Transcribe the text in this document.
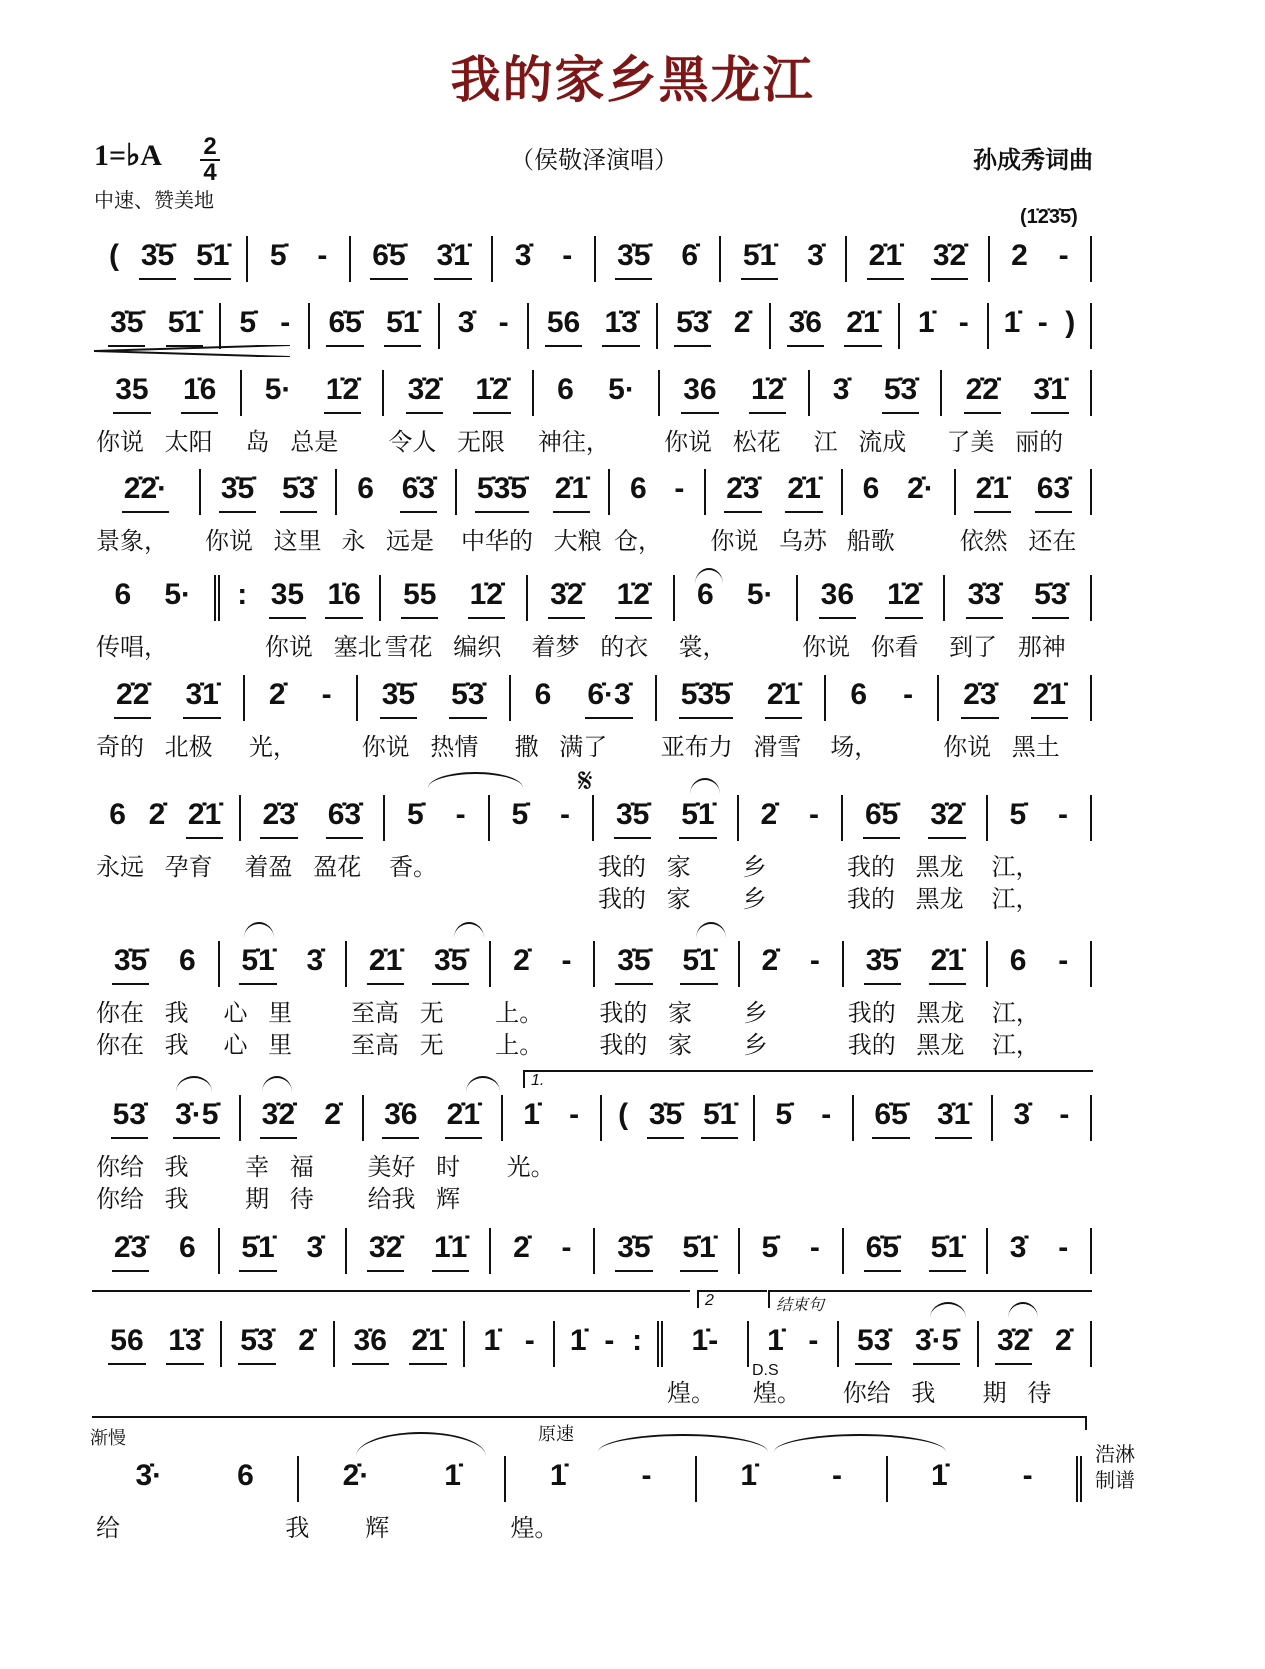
我的家乡黑龙江
1=♭A 2
4
中速、赞美地
（侯敬泽演唱）	孙成秀词曲
(1̇2̇3̇5̇)
𝄋
1.
2	结束句
渐慢	原速
D.S
浩淋
制谱
( 3̇5̇ 5̇1̇ 5̇ - 6̇5̇ 3̇1̇ 3̇ - 3̇5̇ 6̇ 5̇1̇ 3̇ 2̇1̇ 3̇2̇ 2 -
3̇5̇ 5̇1̇ 5̇ - 6̇5̇ 5̇1̇ 3̇ - 56 1̇3̇ 5̇3̇ 2̇ 3̇6 2̇1̇ 1̇ - 1̇ - )
35 1̇6
你说 太阳
5· 1̇2̇
岛 总是
3̇2̇ 1̇2̇
令人 无限
6 5·
神往，
36 1̇2̇
你说 松花
3̇ 5̇3̇
江 流成
2̇2̇ 3̇1̇
了美 丽的
2̇2̇·
景象，
3̇5̇ 5̇3̇
你说 这里
6 6̇3̇
永 远是
5̇3̇5̇ 2̇1̇
中华的 大粮
6 -
仓，
2̇3̇ 2̇1̇
你说 乌苏
6 2̇·
船歌
2̇1̇ 63̇
依然 还在
6 5·
传唱，
: 35 1̇6
你说 塞北
55 1̇2̇
雪花 编织
3̇2̇ 1̇2̇
着梦 的衣
6 5·
裳，
36 1̇2̇
你说 你看
3̇3̇ 5̇3̇
到了 那神
2̇2̇ 3̇1̇
奇的 北极
2̇ -
光，
3̇5̇ 5̇3̇
你说 热情
6 6̇·3̇
撒 满了
5̇3̇5̇ 2̇1̇
亚布力 滑雪
6 -
场，
2̇3̇ 2̇1̇
你说 黑土
6 2̇ 2̇1̇
永远 孕育
2̇3̇ 6̇3̇
着盈 盈花
5̇ -
香。
5̇ - 3̇5̇ 5̇1̇
我的 家
我的 家
2̇ -
乡
乡
6̇5̇ 3̇2̇
我的 黑龙
我的 黑龙
5̇ -
江，
江，
3̇5̇ 6
你在 我
你在 我
5̇1̇ 3̇
心 里
心 里
2̇1̇ 3̇5̇
至高 无
至高 无
2̇ -
上。
上。
3̇5̇ 5̇1̇
我的 家
我的 家
2̇ -
乡
乡
3̇5̇ 2̇1̇
我的 黑龙
我的 黑龙
6 -
江，
江，
53̇ 3̇·5̇
你给 我
你给 我
3̇2̇ 2̇
幸 福
期 待
3̇6 2̇1̇
美好 时
给我 辉
1̇ -
光。
( 3̇5̇ 5̇1̇ 5̇ - 6̇5̇ 3̇1̇ 3̇ -
2̇3̇ 6 5̇1̇ 3̇ 3̇2̇ 1̇1̇ 2̇ - 3̇5̇ 5̇1̇ 5̇ - 6̇5̇ 5̇1̇ 3̇ -
56 1̇3̇ 5̇3̇ 2̇ 3̇6 2̇1̇ 1̇ - 1̇ - : 1̇-
煌。
1̇ -
煌。
53̇ 3̇·5̇
你给 我
3̇2̇ 2̇
期 待
3̇· 6
给        我
2̇· 1̇
辉
1̇ -
煌。
1̇ -	1̇ -
